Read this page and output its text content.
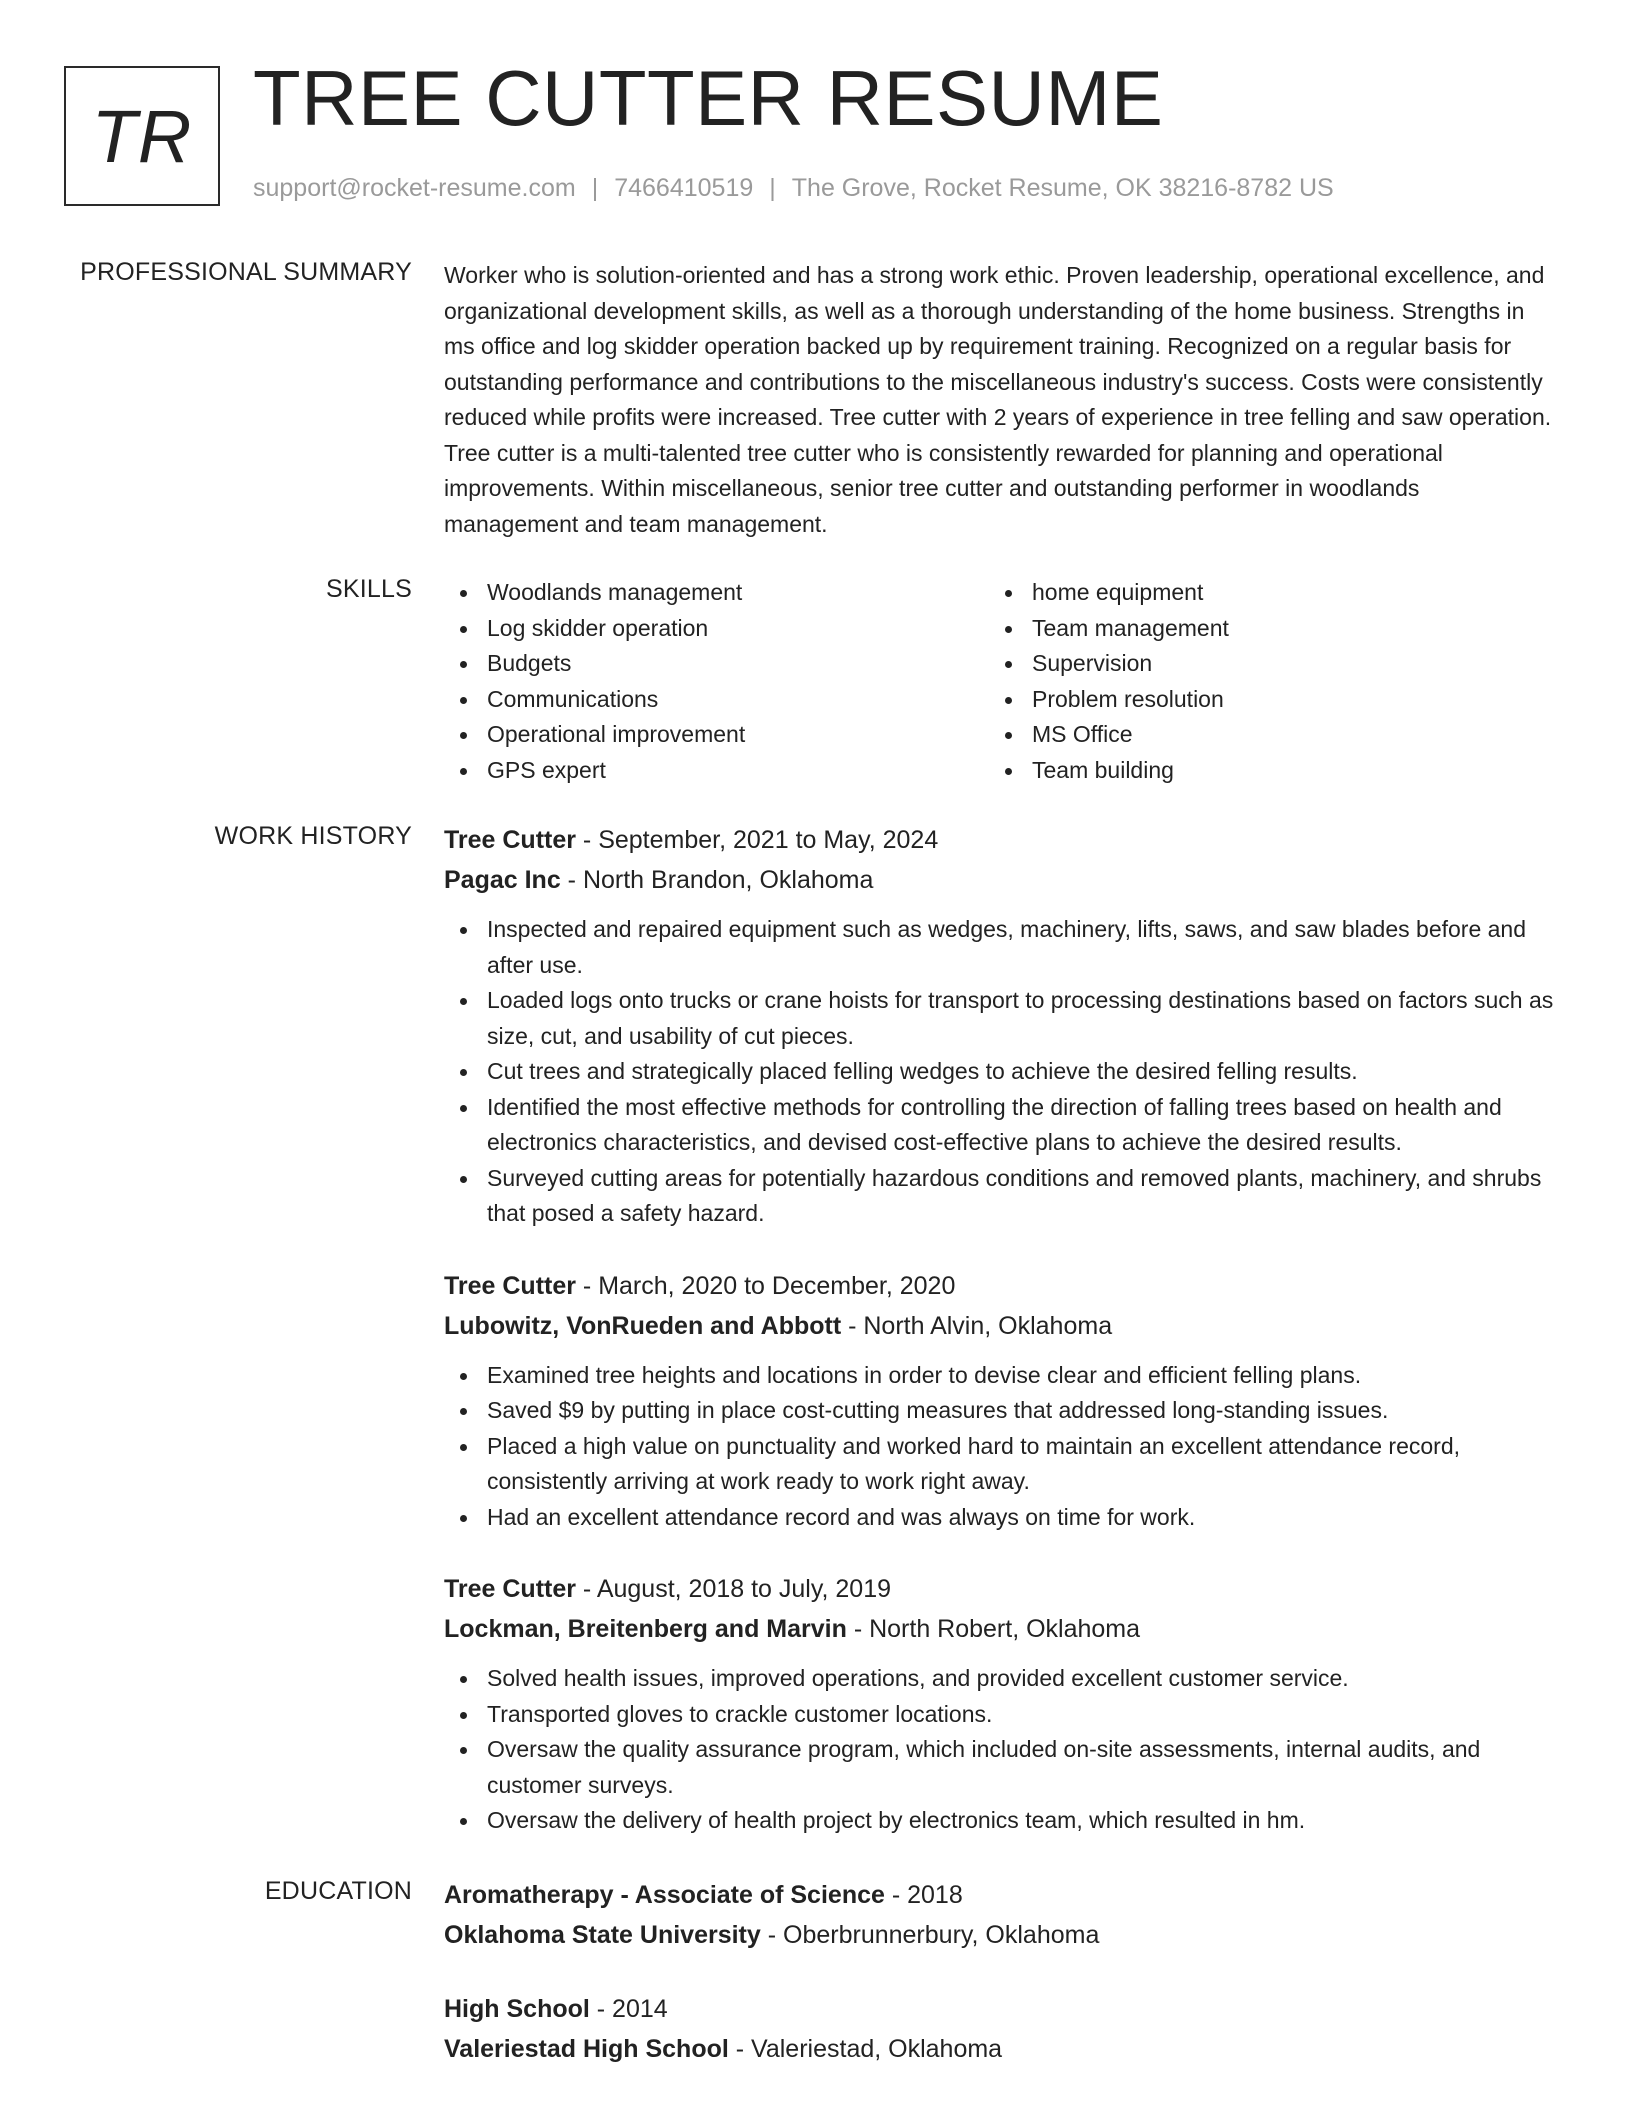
TR TREE CUTTER RESUME
support@rocket-resume.com | 7466410519 | The Grove, Rocket Resume, OK 38216-8782 US
PROFESSIONAL SUMMARY Worker who is solution-oriented and has a strong work ethic. Proven leadership, operational excellence, and organizational development skills, as well as a thorough understanding of the home business. Strengths in ms office and log skidder operation backed up by requirement training. Recognized on a regular basis for outstanding performance and contributions to the miscellaneous industry's success. Costs were consistently reduced while profits were increased. Tree cutter with 2 years of experience in tree felling and saw operation. Tree cutter is a multi-talented tree cutter who is consistently rewarded for planning and operational improvements. Within miscellaneous, senior tree cutter and outstanding performer in woodlands management and team management.

SKILLS	Woodlands management
Log skidder operation
Budgets
Communications
Operational improvement
GPS expert
home equipment
Team management
Supervision
Problem resolution
MS Office
Team building
WORK HISTORY Tree Cutter - September, 2021 to May, 2024
Pagac Inc - North Brandon, Oklahoma
Inspected and repaired equipment such as wedges, machinery, lifts, saws, and saw blades before and after use.
Loaded logs onto trucks or crane hoists for transport to processing destinations based on factors such as size, cut, and usability of cut pieces.
Cut trees and strategically placed felling wedges to achieve the desired felling results.
Identified the most effective methods for controlling the direction of falling trees based on health and electronics characteristics, and devised cost-effective plans to achieve the desired results.
Surveyed cutting areas for potentially hazardous conditions and removed plants, machinery, and shrubs that posed a safety hazard.
Tree Cutter - March, 2020 to December, 2020
Lubowitz, VonRueden and Abbott - North Alvin, Oklahoma
Examined tree heights and locations in order to devise clear and efficient felling plans.
Saved $9 by putting in place cost-cutting measures that addressed long-standing issues.
Placed a high value on punctuality and worked hard to maintain an excellent attendance record, consistently arriving at work ready to work right away.
Had an excellent attendance record and was always on time for work.
Tree Cutter - August, 2018 to July, 2019
Lockman, Breitenberg and Marvin - North Robert, Oklahoma
Solved health issues, improved operations, and provided excellent customer service.
Transported gloves to crackle customer locations.
Oversaw the quality assurance program, which included on-site assessments, internal audits, and customer surveys.
Oversaw the delivery of health project by electronics team, which resulted in hm.
EDUCATION Aromatherapy - Associate of Science - 2018
Oklahoma State University - Oberbrunnerbury, Oklahoma
High School - 2014
Valeriestad High School - Valeriestad, Oklahoma
